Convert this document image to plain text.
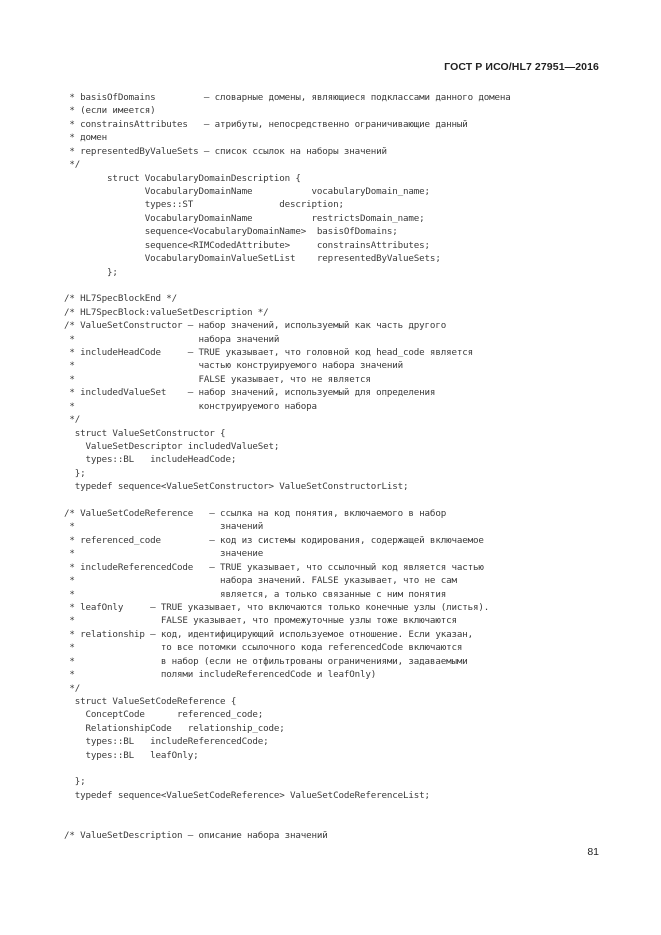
ГОСТ Р ИСО/HL7 27951—2016
* basisOfDomains         – словарные домены, являющиеся подклассами данного домена
* (если имеется)
* constrainsAttributes   – атрибуты, непосредственно ограничивающие данный
* домен
* representedByValueSets – список ссылок на наборы значений
*/
struct VocabularyDomainDescription {
VocabularyDomainName           vocabularyDomain_name;
types::ST                description;
VocabularyDomainName           restrictsDomain_name;
sequence<VocabularyDomainName>  basisOfDomains;
sequence<RIMCodedAttribute>     constrainsAttributes;
VocabularyDomainValueSetList    representedByValueSets;
};
/* HL7SpecBlockEnd */
/* HL7SpecBlock:valueSetDescription */
/* ValueSetConstructor – набор значений, используемый как часть другого
*                       набора значений
* includeHeadCode     – TRUE указывает, что головной код head_code является
*                       частью конструируемого набора значений
*                       FALSE указывает, что не является
* includedValueSet    – набор значений, используемый для определения
*                       конструируемого набора
*/
struct ValueSetConstructor {
ValueSetDescriptor includedValueSet;
types::BL   includeHeadCode;
};
typedef sequence<ValueSetConstructor> ValueSetConstructorList;
/* ValueSetCodeReference   – ссылка на код понятия, включаемого в набор
*                           значений
* referenced_code         – код из системы кодирования, содержащей включаемое
*                           значение
* includeReferencedCode   – TRUE указывает, что ссылочный код является частью
*                           набора значений. FALSE указывает, что не сам
*                           является, а только связанные с ним понятия
* leafOnly     – TRUE указывает, что включаются только конечные узлы (листья).
*                FALSE указывает, что промежуточные узлы тоже включаются
* relationship – код, идентифицирующий используемое отношение. Если указан,
*                то все потомки ссылочного кода referencedCode включаются
*                в набор (если не отфильтрованы ограничениями, задаваемыми
*                полями includeReferencedCode и leafOnly)
*/
struct ValueSetCodeReference {
ConceptCode      referenced_code;
RelationshipCode   relationship_code;
types::BL   includeReferencedCode;
types::BL   leafOnly;
};
typedef sequence<ValueSetCodeReference> ValueSetCodeReferenceList;
/* ValueSetDescription – описание набора значений
81
